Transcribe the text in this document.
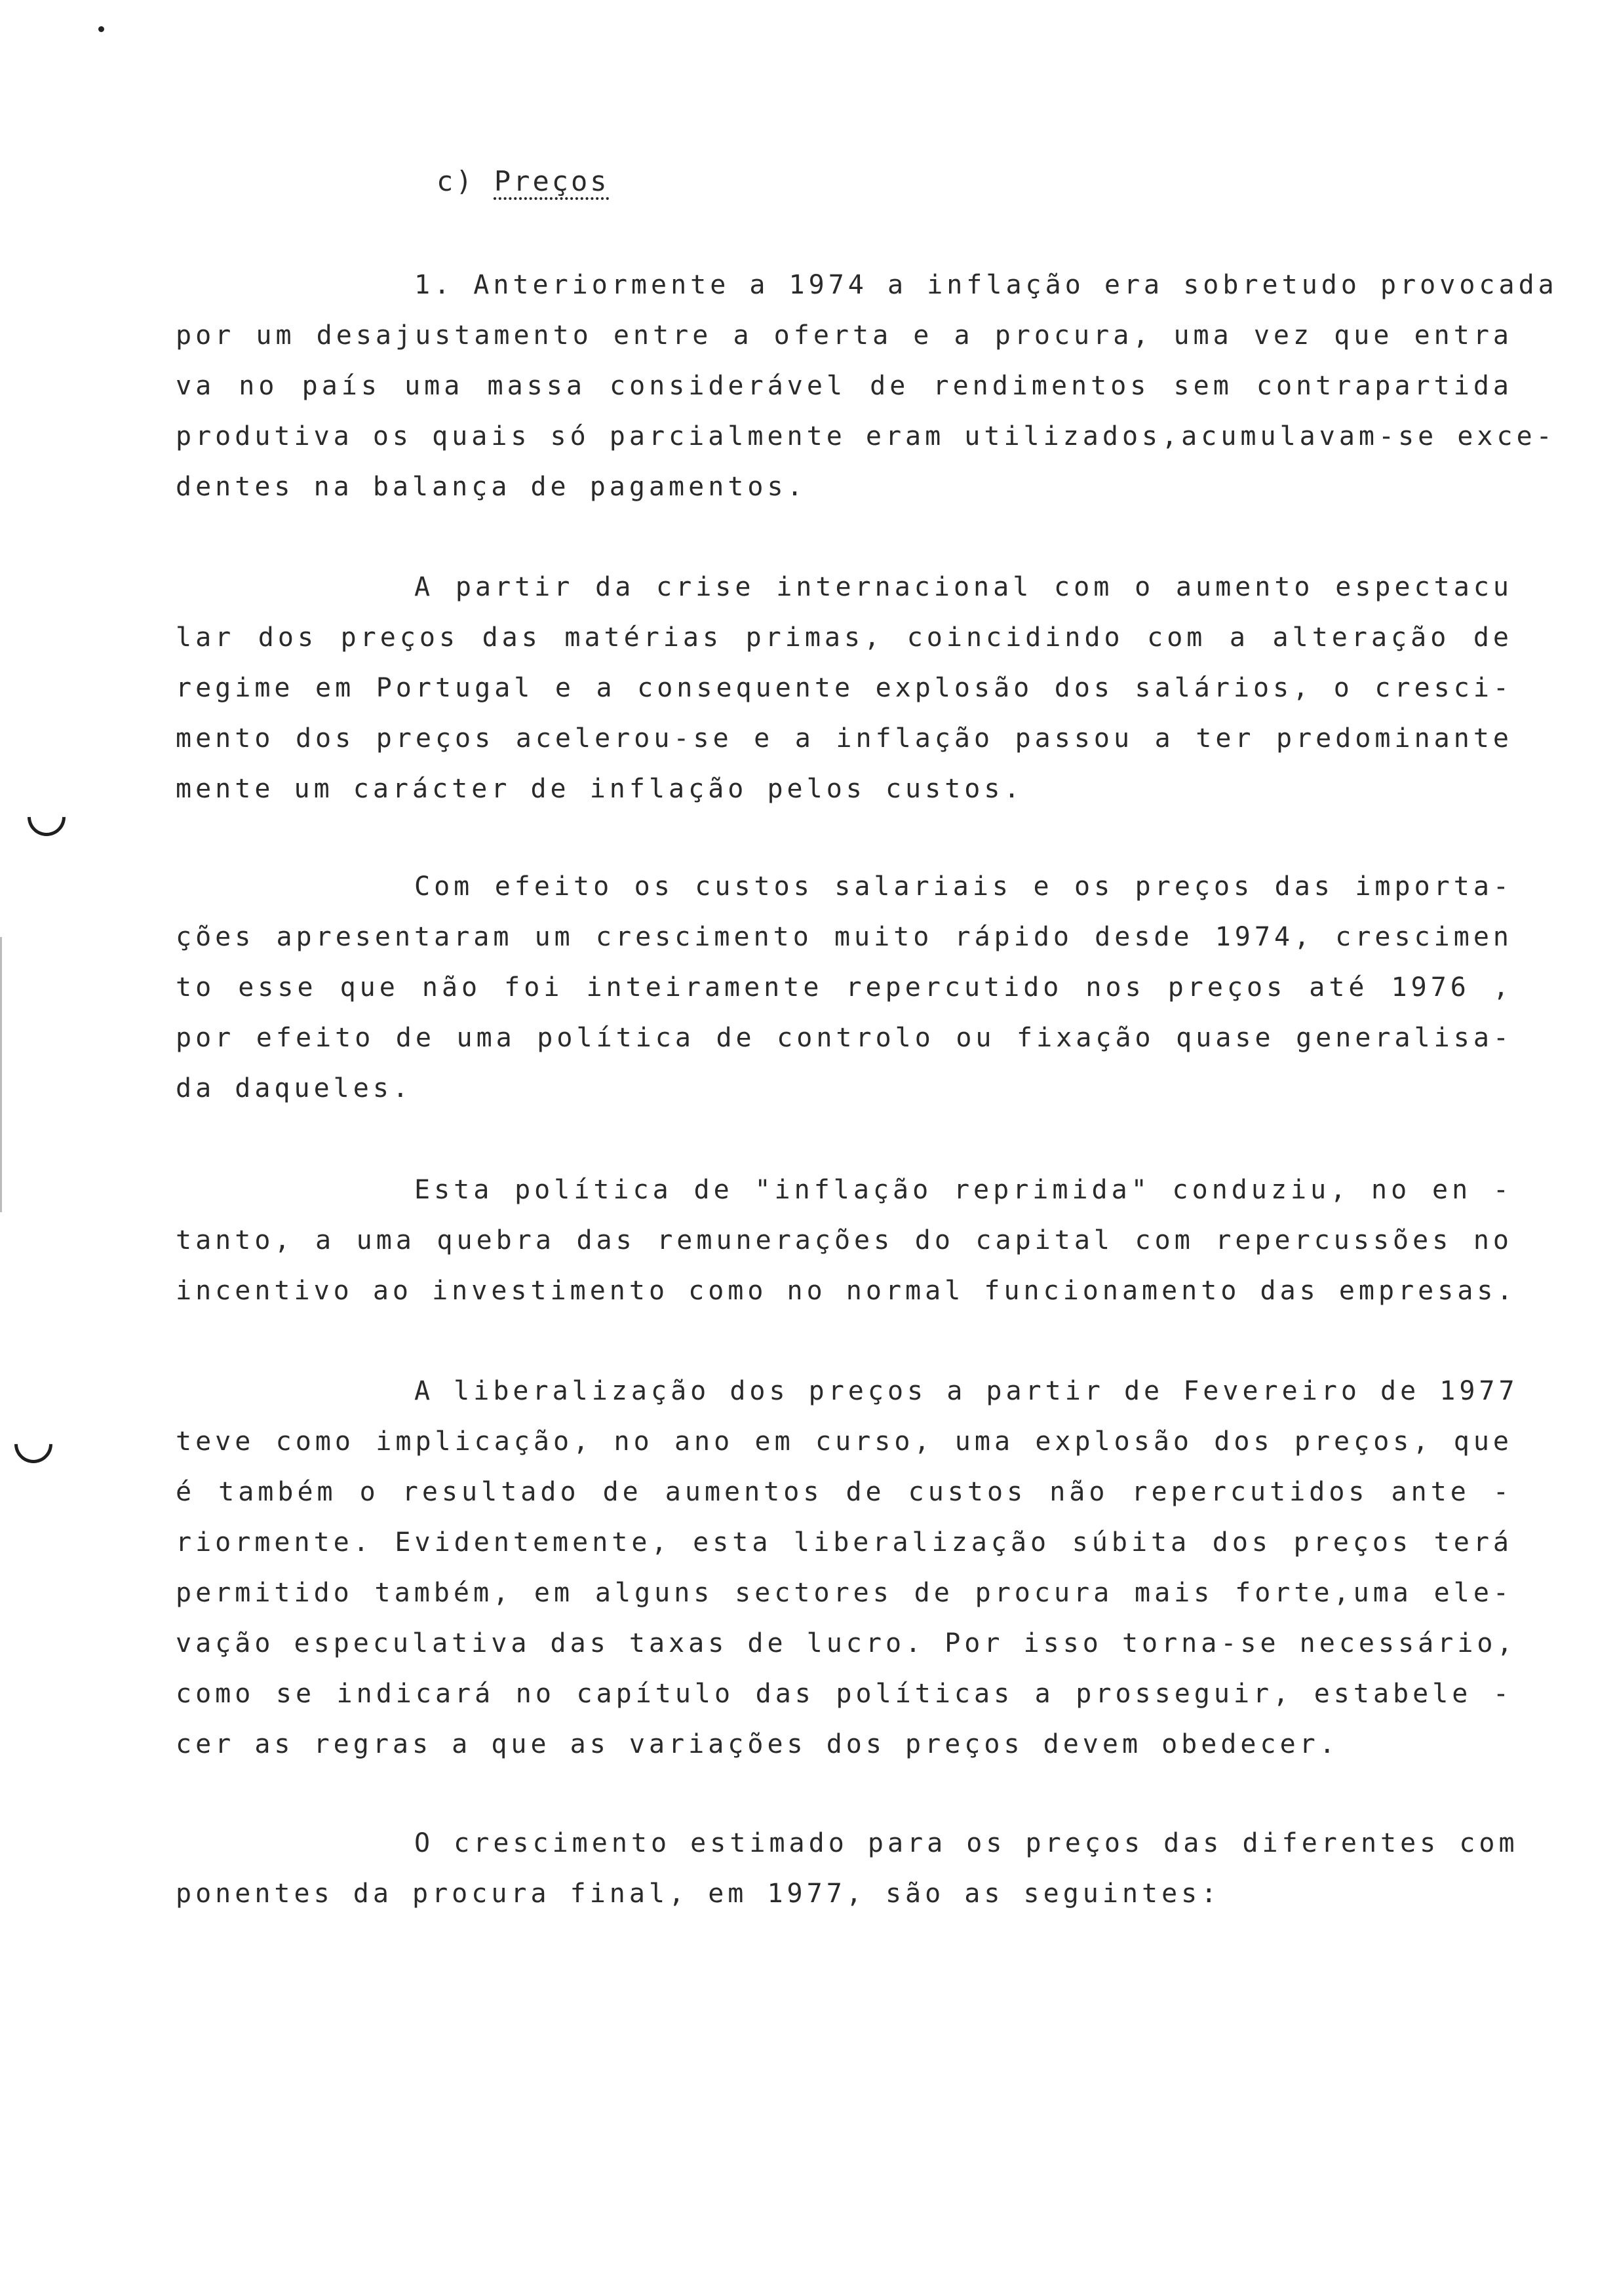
c) Preços
1. Anteriormente a 1974 a inflação era sobretudo provocada
por um desajustamento entre a oferta e a procura, uma vez que entra
va no país uma massa considerável de rendimentos sem contrapartida
produtiva os quais só parcialmente eram utilizados,acumulavam-se exce-
dentes na balança de pagamentos.
A partir da crise internacional com o aumento espectacu
lar dos preços das matérias primas, coincidindo com a alteração de
regime em Portugal e a consequente explosão dos salários, o cresci-
mento dos preços acelerou-se e a inflação passou a ter predominante
mente um carácter de inflação pelos custos.
Com efeito os custos salariais e os preços das importa-
ções apresentaram um crescimento muito rápido desde 1974, crescimen
to esse que não foi inteiramente repercutido nos preços até 1976 ,
por efeito de uma política de controlo ou fixação quase generalisa-
da daqueles.
Esta política de "inflação reprimida" conduziu, no en -
tanto, a uma quebra das remunerações do capital com repercussões no
incentivo ao investimento como no normal funcionamento das empresas.
A liberalização dos preços a partir de Fevereiro de 1977
teve como implicação, no ano em curso, uma explosão dos preços, que
é também o resultado de aumentos de custos não repercutidos ante -
riormente. Evidentemente, esta liberalização súbita dos preços terá
permitido também, em alguns sectores de procura mais forte,uma ele-
vação especulativa das taxas de lucro. Por isso torna-se necessário,
como se indicará no capítulo das políticas a prosseguir, estabele -
cer as regras a que as variações dos preços devem obedecer.
O crescimento estimado para os preços das diferentes com
ponentes da procura final, em 1977, são as seguintes:
